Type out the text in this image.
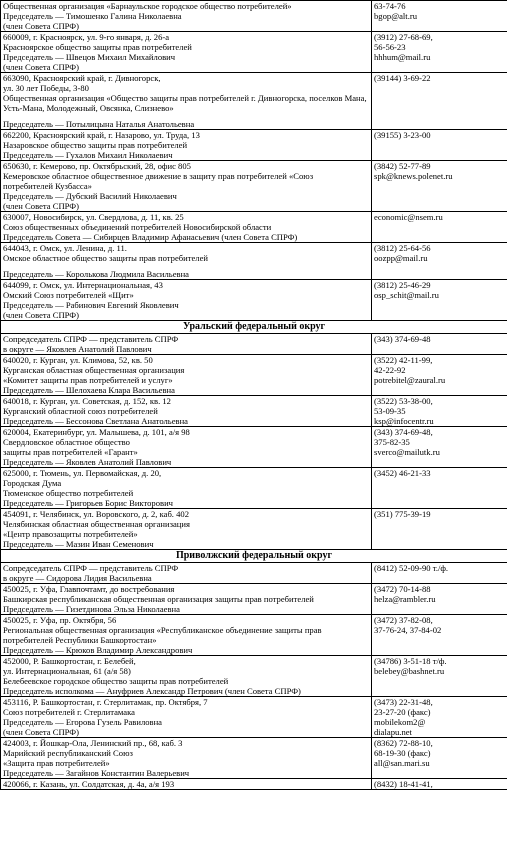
Общественная организация «Барнаульское городское общество потребителей»
Председатель — Тимошенко Галина Николаевна
(член Совета СПРФ)	63-74-76
bgop@alt.ru

660009, г. Красноярск, ул. 9-го января, д. 26-а
Красноярское общество защиты прав потребителей
Председатель — Швецов Михаил Михайлович
(член Совета СПРФ)	(3912) 27-68-69,
56-56-23
hhhum@mail.ru

663090, Красноярский край, г. Дивногорск,
ул. 30 лет Победы, 3-80
Общественная организация «Общество защиты прав потребителей г. Дивногорска, поселков Мана,
Усть-Мана, Молодежный, Овсянка, Слизнево»
Председатель — Потылицына Наталья Анатольевна	(39144) 3-69-22

662200, Красноярский край, г. Назарово, ул. Труда, 13
Назаровское общество защиты прав потребителей
Председатель — Гухалов Михаил Николаевич	(39155) 3-23-00

650630, г. Кемерово, пр. Октябрьский, 28, офис 805
Кемеровское областное общественное движение в защиту прав потребителей «Союз
потребителей Кузбасса»
Председатель — Дубский Василий Николаевич
(член Совета СПРФ)	(3842) 52-77-89
spk@knews.polenet.ru

630007, Новосибирск, ул. Свердлова, д. 11, кв. 25
Союз общественных объединений потребителей Новосибирской области
Председатель Совета — Сибирцев Владимир Афанасьевич (член Совета СПРФ)	economic@nsem.ru

644043, г. Омск, ул. Ленина, д. 11.
Омское областное общество защиты прав потребителей
Председатель — Королькова Людмила Васильевна	(3812) 25-64-56
oozpp@mail.ru

644099, г. Омск, ул. Интернациональная, 43
Омский Союз потребителей «Щит»
Председатель — Рабинович Евгений Яковлевич
(член Совета СПРФ)	(3812) 25-46-29
osp_schit@mail.ru

Уральский федеральный округ	

Сопредседатель СПРФ — представитель СПРФ
в округе — Яковлев Анатолий Павлович	(343) 374-69-48

640020, г. Курган, ул. Климова, 52, кв. 50
Курганская областная общественная организация
«Комитет защиты прав потребителей и услуг»
Председатель — Шелохаева Клара Васильевна	(3522) 42-11-99,
42-22-92
potrebitel@zaural.ru

640018, г. Курган, ул. Советская, д. 152, кв. 12
Курганский областной союз потребителей
Председатель — Бессонова Светлана Анатольевна	(3522) 53-38-00,
53-09-35
ksp@infocentr.ru

620004, Екатеринбург, ул. Малышева, д. 101, а/я 98
Свердловское областное общество
защиты прав потребителей «Гарант»
Председатель — Яковлев Анатолий Павлович	(343) 374-69-48,
375-82-35
sverco@mailutk.ru

625000, г. Тюмень, ул. Первомайская, д. 20,
Городская Дума
Тюменское общество потребителей
Председатель — Григорьев Борис Викторович	(3452) 46-21-33

454091, г. Челябинск, ул. Воровского, д. 2, каб. 402
Челябинская областная общественная организация
«Центр правозащиты потребителей»
Председатель — Мазин Иван Семенович	(351) 775-39-19

Приволжский федеральный округ	

Сопредседатель СПРФ — представитель СПРФ
в округе — Сидорова Лидия Васильевна	(8412) 52-09-90 т./ф.

450025, г. Уфа, Главпочтамт, до востребования
Башкирская республиканская общественная организация защиты прав потребителей
Председатель — Гизетдинова Эльза Николаевна	(3472) 70-14-88
helza@rambler.ru

450025, г. Уфа, пр. Октября, 56
Региональная общественная организация «Республиканское объединение защиты прав
потребителей Республики Башкортостан»
Председатель — Крюков Владимир Александрович	(3472) 37-82-08,
37-76-24, 37-84-02

452000, Р. Башкортостан, г. Белебей,
ул. Интернациональная, 61 (а/я 58)
Белебеевское городское общество защиты прав потребителей
Председатель исполкома — Ануфриев Александр Петрович (член Совета СПРФ)	(34786) 3-51-18 т/ф.
belebey@bashnet.ru

453116, Р. Башкортостан, г. Стерлитамак, пр. Октября, 7
Союз потребителей г. Стерлитамака
Председатель — Егорова Гузель Равиловна
(член Совета СПРФ)	(3473) 22-31-48,
23-27-20 (факс)
mobilekom2@
dialapu.net

424003, г. Йошкар-Ола, Ленинский пр., 68, каб. 3
Марийский республиканский Союз
«Защита прав потребителей»
Председатель — Загайнов Константин Валерьевич	(8362) 72-88-10,
68-19-30 (факс)
all@san.mari.su

420066, г. Казань, ул. Солдатская, д. 4а, а/я 193	(8432) 18-41-41,
